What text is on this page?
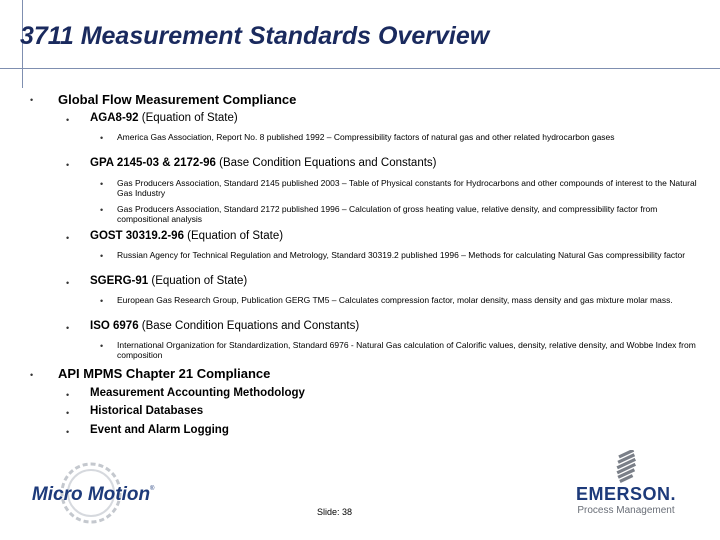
3711 Measurement Standards Overview
• Global Flow Measurement Compliance
• AGA8-92 (Equation of State)
• America Gas Association, Report No. 8 published 1992 – Compressibility factors of natural gas and other related hydrocarbon gases
• GPA 2145-03 & 2172-96 (Base Condition Equations and Constants)
• Gas Producers Association, Standard 2145 published 2003 – Table of Physical constants for Hydrocarbons and other compounds of interest to the Natural Gas Industry
• Gas Producers Association, Standard 2172 published 1996 – Calculation of gross heating value, relative density, and compressibility factor from compositional analysis
• GOST 30319.2-96 (Equation of State)
• Russian Agency for Technical Regulation and Metrology, Standard 30319.2 published 1996 – Methods for calculating Natural Gas compressibility factor
• SGERG-91 (Equation of State)
• European Gas Research Group, Publication GERG TM5 – Calculates compression factor, molar density, mass density and gas mixture molar mass.
• ISO 6976 (Base Condition Equations and Constants)
• International Organization for Standardization, Standard 6976 - Natural Gas calculation of Calorific values, density, relative density, and Wobbe Index from composition
• API MPMS Chapter 21 Compliance
• Measurement Accounting Methodology
• Historical Databases
• Event and Alarm Logging
Micro Motion ®	EMERSON.
Process Management
Slide: 38
